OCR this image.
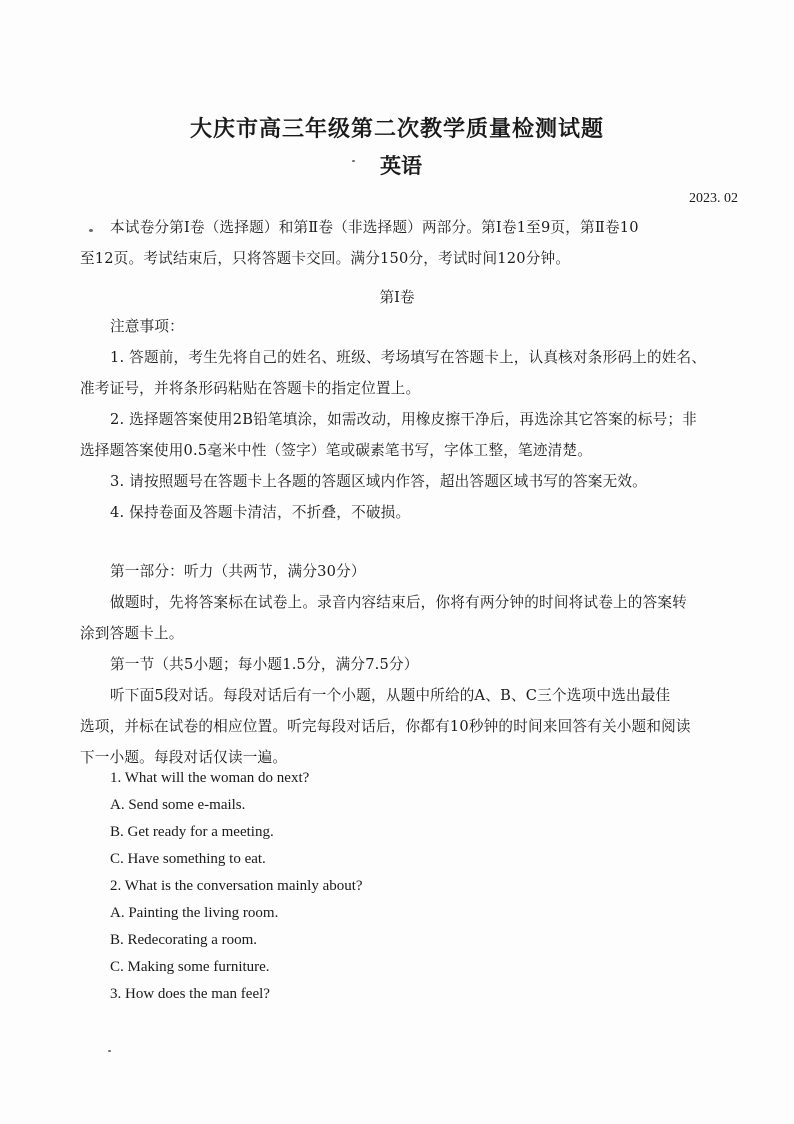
大庆市高三年级第二次教学质量检测试题
英语
2023. 02
本试卷分第Ⅰ卷（选择题）和第Ⅱ卷（非选择题）两部分。第Ⅰ卷1至9页，第Ⅱ卷10
至12页。考试结束后，只将答题卡交回。满分150分，考试时间120分钟。
第Ⅰ卷
注意事项：
1. 答题前，考生先将自己的姓名、班级、考场填写在答题卡上，认真核对条形码上的姓名、
准考证号，并将条形码粘贴在答题卡的指定位置上。
2. 选择题答案使用2B铅笔填涂，如需改动，用橡皮擦干净后，再选涂其它答案的标号；非
选择题答案使用0.5毫米中性（签字）笔或碳素笔书写，字体工整，笔迹清楚。
3. 请按照题号在答题卡上各题的答题区域内作答，超出答题区域书写的答案无效。
4. 保持卷面及答题卡清洁，不折叠，不破损。
第一部分：听力（共两节，满分30分）
做题时，先将答案标在试卷上。录音内容结束后，你将有两分钟的时间将试卷上的答案转
涂到答题卡上。
第一节（共5小题；每小题1.5分，满分7.5分）
听下面5段对话。每段对话后有一个小题，从题中所给的A、B、C三个选项中选出最佳
选项，并标在试卷的相应位置。听完每段对话后，你都有10秒钟的时间来回答有关小题和阅读
下一小题。每段对话仅读一遍。
1. What will the woman do next?
A. Send some e-mails.
B. Get ready for a meeting.
C. Have something to eat.
2. What is the conversation mainly about?
A. Painting the living room.
B. Redecorating a room.
C. Making some furniture.
3. How does the man feel?
